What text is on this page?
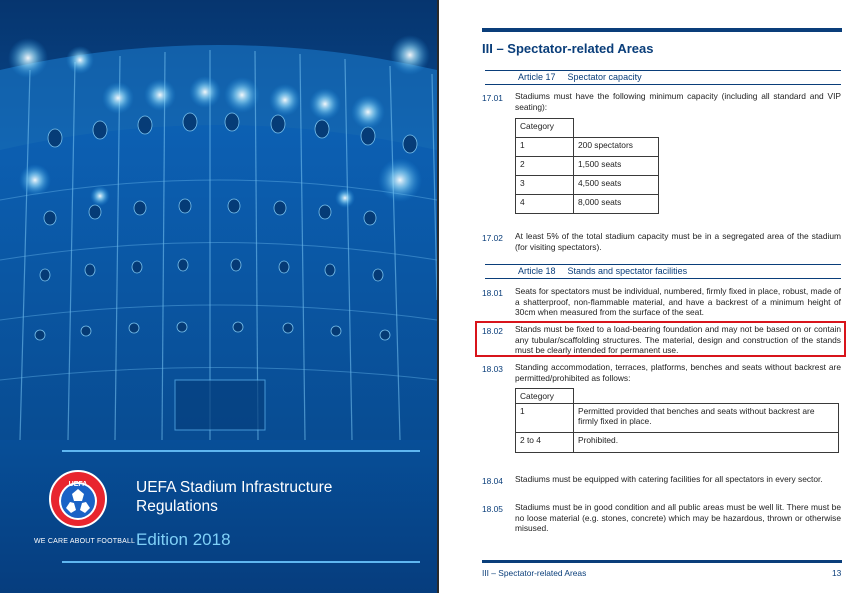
UEFA	UEFA Stadium Infrastructure
Regulations
Edition 2018
WE CARE ABOUT FOOTBALL
III – Spectator-related Areas
Article 17 Spectator capacity
17.01 Stadiums must have the following minimum capacity (including all standard and VIP seating):
Category	
1	200 spectators
2	1,500 seats
3	4,500 seats
4	8,000 seats
17.02 At least 5% of the total stadium capacity must be in a segregated area of the stadium (for visiting spectators).
Article 18 Stands and spectator facilities
18.01 Seats for spectators must be individual, numbered, firmly fixed in place, robust, made of a shatterproof, non-flammable material, and have a backrest of a minimum height of 30cm when measured from the surface of the seat.
18.02 Stands must be fixed to a load-bearing foundation and may not be based on or contain any tubular/scaffolding structures. The material, design and construction of the stands must be clearly intended for permanent use.
18.03 Standing accommodation, terraces, platforms, benches and seats without backrest are permitted/prohibited as follows:
Category	
1	Permitted provided that benches and seats without backrest are firmly fixed in place.
2 to 4	Prohibited.
18.04 Stadiums must be equipped with catering facilities for all spectators in every sector.
18.05 Stadiums must be in good condition and all public areas must be well lit. There must be no loose material (e.g. stones, concrete) which may be hazardous, thrown or otherwise misused.
III – Spectator-related Areas	13
